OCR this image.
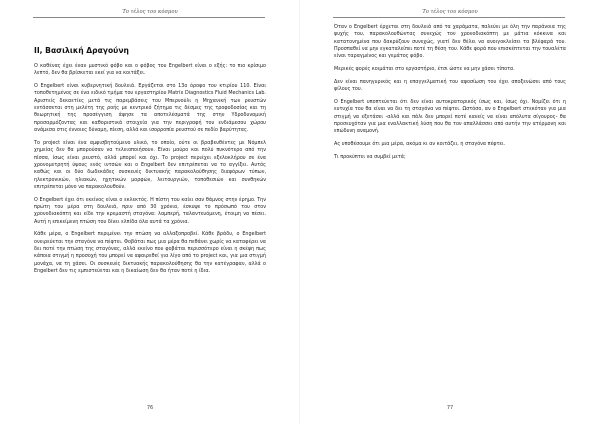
Το τέλος του κόσμου
ΙΙ, Βασιλική Δραγούνη

Ο καθένας έχει έναν μυστικό φόβο και ο φόβος του Engelbert είναι ο εξής: το πιο κρίσιμο λεπτό, δεν θα βρίσκεται εκεί για να κοιτάξει.

Ο Engelbert είναι κυβερνητική δουλειά. Εργάζεται στο 13ο όροφο του κτιρίου 110. Είναι τοποθετημένος σε ένα ειδικό τμήμα του εργαστηρίου Matrix Diagnostics Fluid Mechanics Lab. Αριστείς δεκαετίες μετά τις παρεμβάσεις του Μπερνούλι η Μηχανική των ρευστών εντάσσεται στη μελέτη της ροής με κεντρικό ζήτημα τις δέσμες της τροφοδοσίας και τη θεωρητική της προσέγγιση άφησε τα αποτελέσματά της στην Υδροδυναμική προσαρμόζοντας και καθοριστικά στοιχεία για την περιγραφή του ενδιάμεσου χώρου ανάμεσα στις έννοιες δύναμη, πίεση, αλλά και ισορροπία ρευστού σε πεδίο βαρύτητας.

Το project είναι ένα αμφισβητούμενο υλικό, το οποίο, ούτε οι βραβευθέντες με Νόμπελ χημείας δεν θα μπορούσαν να τελειοποιήσουν. Είναι μαύρο και πολύ πυκνότερο από την πίσσα, ίσως είναι ρευστό, αλλά μπορεί και όχι. Το project περιέχει εξελοκλήρου σε ένα χρονομετρητή ύψους ενός ιντσών και ο Engelbert δεν επιτρέπεται να το αγγίξει. Αυτός καθώς και οι δύο δωδεκάδες συσκευές δικτυακής παρακολούθησης διαφόρων τύπων, ηλεκτρονικών, ηλιακών, ηχητικών μορφών, λειτουργιών, τοποθεσιών και συνθηκών επιτρέπεται μόνο να παρακολουθούν.

Ο Engelbert έχει ότι εκείνος είναι ο εκλεκτός. Η πίστη του καίει σαν θάμνος στην έρημο. Την πρώτη του μέρα στη δουλειά, πριν από 30 χρόνια, έσκυψε το πρόσωπό του στον χρονοδιακόπτη και είδε την κρεμαστή σταγόνα: λαμπερή, ταλαντευόμενη, έτοιμη να πέσει. Αυτή η επικείμενη πτώση του δίνει ελπίδα όλα αυτά τα χρόνια.

Κάθε μέρα, ο Engelbert περιμένει την πτώση να αλλαξοπροβεί. Κάθε βράδυ, ο Engelbert ονειρεύεται την σταγόνα να πέφτει. Φοβάται πως μια μέρα θα πεθάνει χωρίς να καταφέρει να δει ποτέ την πτώση της σταγόνας, αλλά εκείνο που φοβάται περισσότερο είναι η σκέψη πως κάποια στιγμή η προσοχή του μπορεί να αφαιρεθεί για λίγο από το project και, για μια στιγμή μονάχα, να τη χάσει. Οι συσκευές δικτυακής παρακολούθησης θα την κατέγραφαν, αλλά ο Engelbert δεν τις εμπιστεύεται και η δικαίωση δεν θα ήταν ποτέ η ίδια.

76
Το τέλος του κόσμου

Όταν ο Engelbert έρχεται στη δουλειά από τα χαράματα, παλεύει με όλη την παράνοια της ψυχής του, παρακολουθώντας συνεχώς τον χρονοδιακόπτη με μάτια κόκκινα και κατατονημένα που δακρύζουν συνεχώς, γιατί δεν θέλει να ανοιγοκλείσει τα βλέφαρά του. Προσπαθεί να μην εγκαταλείπει ποτέ τη θέση του. Κάθε φορά που επισκέπτεται την τουαλέτα είναι ταραγμένος και γεμάτος φόβο.

Μερικές φορές κοιμάται στο εργαστήριο, έτσι ώστε να μην χάσει τίποτα.

Δεν είναι πανηγυρικός και η επαγγελματική του αφοσίωση του έχει αποξενώσει από τους φίλους του.

Ο Engelbert υποπτεύεται ότι δεν είναι αυτοκρατορικός ίσως και, ίσως όχι. Νομίζει ότι η ευτυχία του θα είναι να δει τη σταγόνα να πέφτει. Ωστόσο, αν ο Engelbert στεκόταν για μια στιγμή να εξετάσει -αλλά και πάλι δεν μπορεί ποτέ κανείς να είναι απόλυτα σίγουρος- θα προσευχόταν για μια εναλλακτική λύση που θα τον απαλλάσσει από αυτήν την ατέρμονη και επώδυνη αναμονή.

Ας υποθέσουμε ότι μια μέρα, ακόμα κι αν κοιτάζει, η σταγόνα πέφτει.

Τι προκύπτει να συμβεί μετά;

77
